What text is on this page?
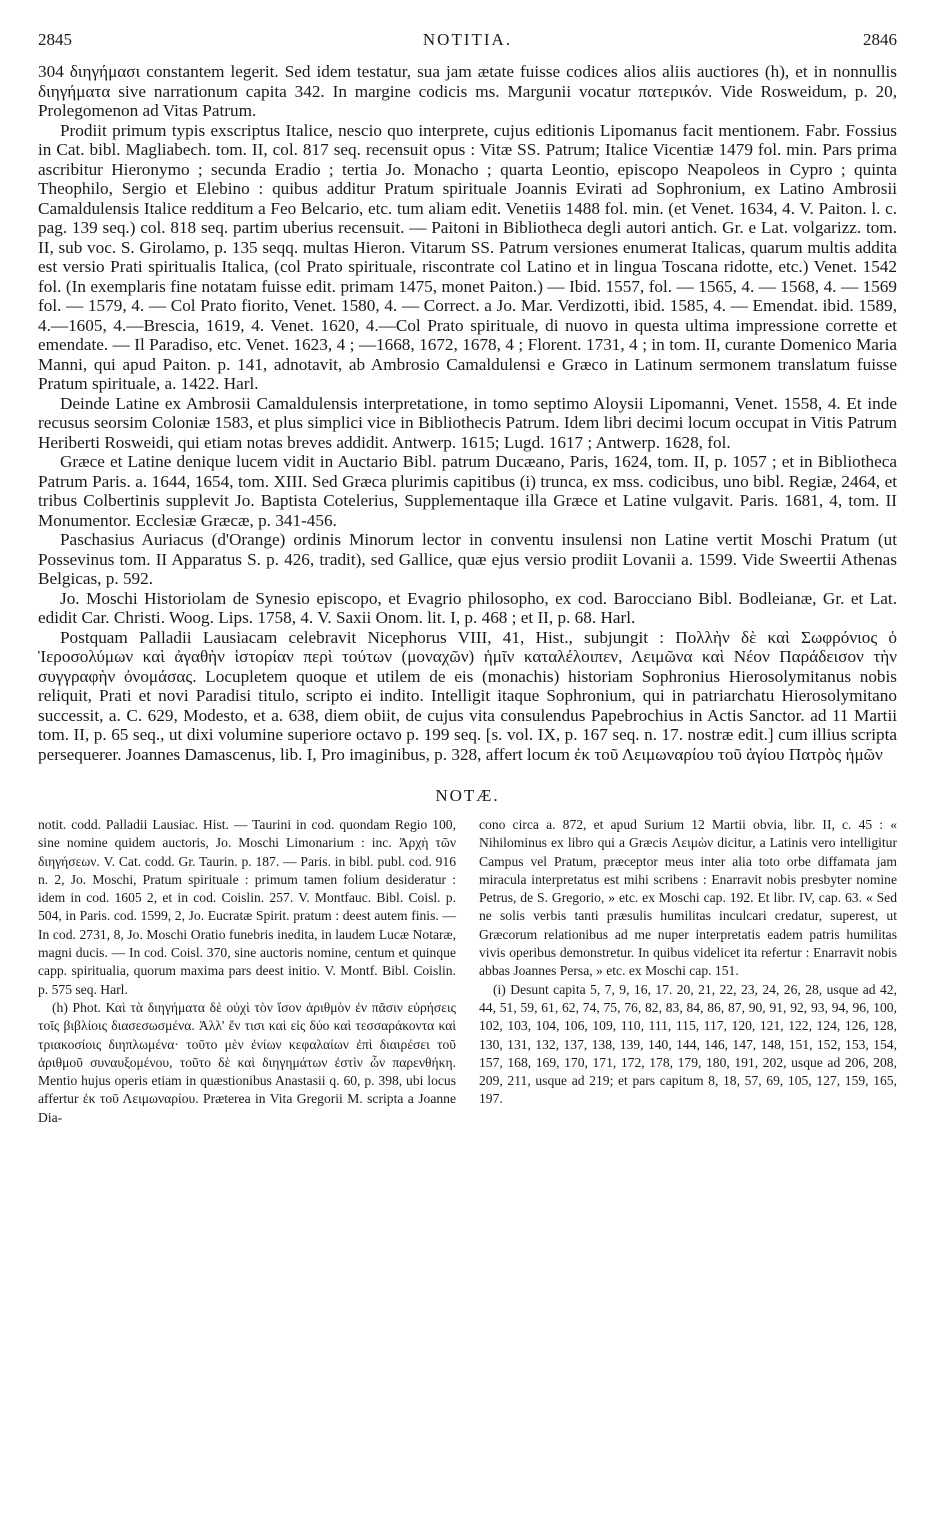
2845	NOTITIA.	2846

304 διηγήμασι constantem legerit. Sed idem testatur, sua jam ætate fuisse codices alios aliis auctiores (h), et in nonnullis διηγήματα sive narrationum capita 342. In margine codicis ms. Margunii vocatur πατερικόν. Vide Rosweidum, p. 20, Prolegomenon ad Vitas Patrum.

Prodiit primum typis exscriptus Italice, nescio quo interprete, cujus editionis Lipomanus facit mentionem. Fabr. Fossius in Cat. bibl. Magliabech. tom. II, col. 817 seq. recensuit opus : Vitæ SS. Patrum; Italice Vicentiæ 1479 fol. min. Pars prima ascribitur Hieronymo ; secunda Eradio ; tertia Jo. Monacho ; quarta Leontio, episcopo Neapoleos in Cypro ; quinta Theophilo, Sergio et Elebino : quibus additur Pratum spirituale Joannis Evirati ad Sophronium, ex Latino Ambrosii Camaldulensis Italice redditum a Feo Belcario, etc. tum aliam edit. Venetiis 1488 fol. min. (et Venet. 1634, 4. V. Paiton. l. c. pag. 139 seq.) col. 818 seq. partim uberius recensuit. — Paitoni in Bibliotheca degli autori antich. Gr. e Lat. volgarizz. tom. II, sub voc. S. Girolamo, p. 135 seqq. multas Hieron. Vitarum SS. Patrum versiones enumerat Italicas, quarum multis addita est versio Prati spiritualis Italica, (col Prato spirituale, riscontrate col Latino et in lingua Toscana ridotte, etc.) Venet. 1542 fol. (In exemplaris fine notatam fuisse edit. primam 1475, monet Paiton.) — Ibid. 1557, fol. — 1565, 4. — 1568, 4. — 1569 fol. — 1579, 4. — Col Prato fiorito, Venet. 1580, 4. — Correct. a Jo. Mar. Verdizotti, ibid. 1585, 4. — Emendat. ibid. 1589, 4.—1605, 4.—Brescia, 1619, 4. Venet. 1620, 4.—Col Prato spirituale, di nuovo in questa ultima impressione corrette et emendate. — Il Paradiso, etc. Venet. 1623, 4 ; —1668, 1672, 1678, 4 ; Florent. 1731, 4 ; in tom. II, curante Domenico Maria Manni, qui apud Paiton. p. 141, adnotavit, ab Ambrosio Camaldulensi e Græco in Latinum sermonem translatum fuisse Pratum spirituale, a. 1422. Harl.

Deinde Latine ex Ambrosii Camaldulensis interpretatione, in tomo septimo Aloysii Lipomanni, Venet. 1558, 4. Et inde recusus seorsim Coloniæ 1583, et plus simplici vice in Bibliothecis Patrum. Idem libri decimi locum occupat in Vitis Patrum Heriberti Rosweidi, qui etiam notas breves addidit. Antwerp. 1615; Lugd. 1617 ; Antwerp. 1628, fol.

Græce et Latine denique lucem vidit in Auctario Bibl. patrum Ducæano, Paris, 1624, tom. II, p. 1057 ; et in Bibliotheca Patrum Paris. a. 1644, 1654, tom. XIII. Sed Græca plurimis capitibus (i) trunca, ex mss. codicibus, uno bibl. Regiæ, 2464, et tribus Colbertinis supplevit Jo. Baptista Cotelerius, Supplementaque illa Græce et Latine vulgavit. Paris. 1681, 4, tom. II Monumentor. Ecclesiæ Græcæ, p. 341-456.

Paschasius Auriacus (d'Orange) ordinis Minorum lector in conventu insulensi non Latine vertit Moschi Pratum (ut Possevinus tom. II Apparatus S. p. 426, tradit), sed Gallice, quæ ejus versio prodiit Lovanii a. 1599. Vide Sweertii Athenas Belgicas, p. 592.

Jo. Moschi Historiolam de Synesio episcopo, et Evagrio philosopho, ex cod. Barocciano Bibl. Bodleianæ, Gr. et Lat. edidit Car. Christi. Woog. Lips. 1758, 4. V. Saxii Onom. lit. I, p. 468 ; et II, p. 68. Harl.

Postquam Palladii Lausiacam celebravit Nicephorus VIII, 41, Hist., subjungit : Πολλὴν δὲ καὶ Σωφρόνιος ὁ Ἱεροσολύμων καὶ ἀγαθὴν ἱστορίαν περὶ τούτων (μοναχῶν) ἡμῖν καταλέλοιπεν, Λειμῶνα καὶ Νέον Παράδεισον τὴν συγγραφὴν ὀνομάσας. Locupletem quoque et utilem de eis (monachis) historiam Sophronius Hierosolymitanus nobis reliquit, Prati et novi Paradisi titulo, scripto ei indito. Intelligit itaque Sophronium, qui in patriarchatu Hierosolymitano successit, a. C. 629, Modesto, et a. 638, diem obiit, de cujus vita consulendus Papebrochius in Actis Sanctor. ad 11 Martii tom. II, p. 65 seq., ut dixi volumine superiore octavo p. 199 seq. [s. vol. IX, p. 167 seq. n. 17. nostræ edit.] cum illius scripta persequerer. Joannes Damascenus, lib. I, Pro imaginibus, p. 328, affert locum ἐκ τοῦ Λειμωναρίου τοῦ ἁγίου Πατρὸς ἡμῶν

NOTÆ.

notit. codd. Palladii Lausiac. Hist. — Taurini in cod. quondam Regio 100, sine nomine quidem auctoris, Jo. Moschi Limonarium : inc. Ἀρχὴ τῶν διηγήσεων. V. Cat. codd. Gr. Taurin. p. 187. — Paris. in bibl. publ. cod. 916 n. 2, Jo. Moschi, Pratum spirituale : primum tamen folium desideratur : idem in cod. 1605 2, et in cod. Coislin. 257. V. Montfauc. Bibl. Coisl. p. 504, in Paris. cod. 1599, 2, Jo. Eucratæ Spirit. pratum : deest autem finis. — In cod. 2731, 8, Jo. Moschi Oratio funebris inedita, in laudem Lucæ Notaræ, magni ducis. — In cod. Coisl. 370, sine auctoris nomine, centum et quinque capp. spiritualia, quorum maxima pars deest initio. V. Montf. Bibl. Coislin. p. 575 seq. Harl.

(h) Phot. Καὶ τὰ διηγήματα δὲ οὐχὶ τὸν ἴσον ἀριθμὸν ἐν πᾶσιν εὑρήσεις τοῖς βιβλίοις διασεσωσμένα. Ἀλλ' ἔν τισι καὶ εἰς δύο καὶ τεσσαράκοντα καὶ τριακοσίοις διηπλωμένα· τοῦτο μὲν ἐνίων κεφαλαίων ἐπὶ διαιρέσει τοῦ ἀριθμοῦ συναυξομένου, τοῦτο δὲ καὶ διηγημάτων ἐστὶν ὧν παρενθήκη. Mentio hujus operis etiam in quæstionibus Anastasii q. 60, p. 398, ubi locus affertur ἐκ τοῦ Λειμωναρίου. Præterea in Vita Gregorii M. scripta a Joanne Dia-

cono circa a. 872, et apud Surium 12 Martii obvia, libr. II, c. 45 : « Nihilominus ex libro qui a Græcis Λειμὼν dicitur, a Latinis vero intelligitur Campus vel Pratum, præceptor meus inter alia toto orbe diffamata jam miracula interpretatus est mihi scribens : Enarravit nobis presbyter nomine Petrus, de S. Gregorio, » etc. ex Moschi cap. 192. Et libr. IV, cap. 63. « Sed ne solis verbis tanti præsulis humilitas inculcari credatur, superest, ut Græcorum relationibus ad me nuper interpretatis eadem patris humilitas vivis operibus demonstretur. In quibus videlicet ita refertur : Enarravit nobis abbas Joannes Persa, » etc. ex Moschi cap. 151.

(i) Desunt capita 5, 7, 9, 16, 17. 20, 21, 22, 23, 24, 26, 28, usque ad 42, 44, 51, 59, 61, 62, 74, 75, 76, 82, 83, 84, 86, 87, 90, 91, 92, 93, 94, 96, 100, 102, 103, 104, 106, 109, 110, 111, 115, 117, 120, 121, 122, 124, 126, 128, 130, 131, 132, 137, 138, 139, 140, 144, 146, 147, 148, 151, 152, 153, 154, 157, 168, 169, 170, 171, 172, 178, 179, 180, 191, 202, usque ad 206, 208, 209, 211, usque ad 219; et pars capitum 8, 18, 57, 69, 105, 127, 159, 165, 197.
